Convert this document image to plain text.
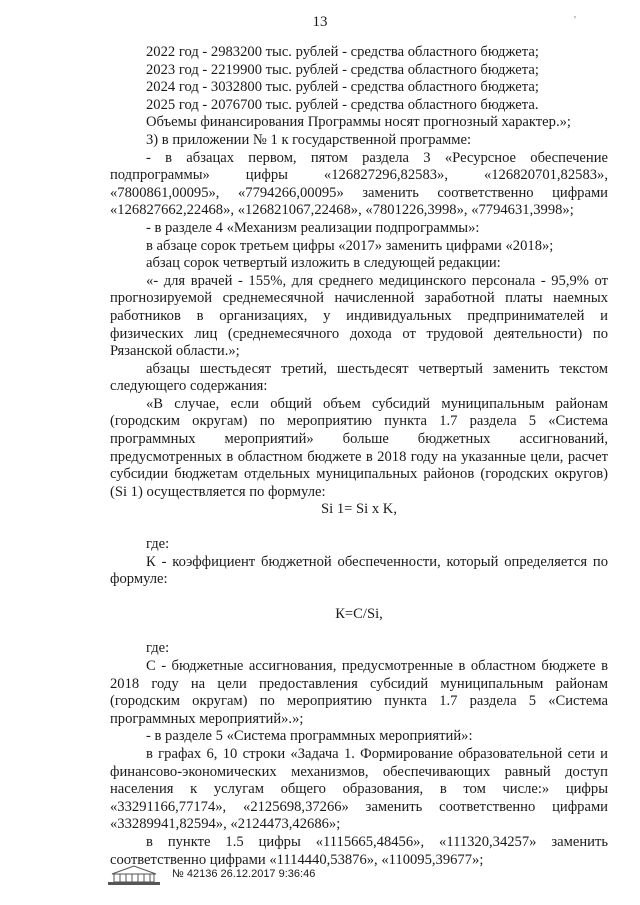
13	'

2022 год - 2983200 тыс. рублей - средства областного бюджета;

2023 год - 2219900 тыс. рублей - средства областного бюджета;

2024 год - 3032800 тыс. рублей - средства областного бюджета;

2025 год - 2076700 тыс. рублей - средства областного бюджета.

Объемы финансирования Программы носят прогнозный характер.»;

3) в приложении № 1 к государственной программе:

- в абзацах первом, пятом раздела 3 «Ресурсное обеспечение подпрограммы» цифры «126827296,82583», «126820701,82583», «7800861,00095», «7794266,00095» заменить соответственно цифрами «126827662,22468», «126821067,22468», «7801226,3998», «7794631,3998»;

- в разделе 4 «Механизм реализации подпрограммы»:

в абзаце сорок третьем цифры «2017» заменить цифрами «2018»;

абзац сорок четвертый изложить в следующей редакции:

«- для врачей - 155%, для среднего медицинского персонала - 95,9% от прогнозируемой среднемесячной начисленной заработной платы наемных работников в организациях, у индивидуальных предпринимателей и физических лиц (среднемесячного дохода от трудовой деятельности) по Рязанской области.»;

абзацы шестьдесят третий, шестьдесят четвертый заменить текстом следующего содержания:

«В случае, если общий объем субсидий муниципальным районам (городским округам) по мероприятию пункта 1.7 раздела 5 «Система программных мероприятий» больше бюджетных ассигнований, предусмотренных в областном бюджете в 2018 году на указанные цели, расчет субсидии бюджетам отдельных муниципальных районов (городских округов) (Si 1) осуществляется по формуле:

Si 1= Si x K,

где:

К - коэффициент бюджетной обеспеченности, который определяется по формуле:

К=С/Si,

где:

С - бюджетные ассигнования, предусмотренные в областном бюджете в 2018 году на цели предоставления субсидий муниципальным районам (городским округам) по мероприятию пункта 1.7 раздела 5 «Система программных мероприятий».»;

- в разделе 5 «Система программных мероприятий»:

в графах 6, 10 строки «Задача 1. Формирование образовательной сети и финансово-экономических механизмов, обеспечивающих равный доступ населения к услугам общего образования, в том числе:» цифры «33291166,77174», «2125698,37266» заменить соответственно цифрами «33289941,82594», «2124473,42686»;

в пункте 1.5 цифры «1115665,48456», «111320,34257» заменить соответственно цифрами «1114440,53876», «110095,39677»;

№ 42136 26.12.2017 9:36:46
